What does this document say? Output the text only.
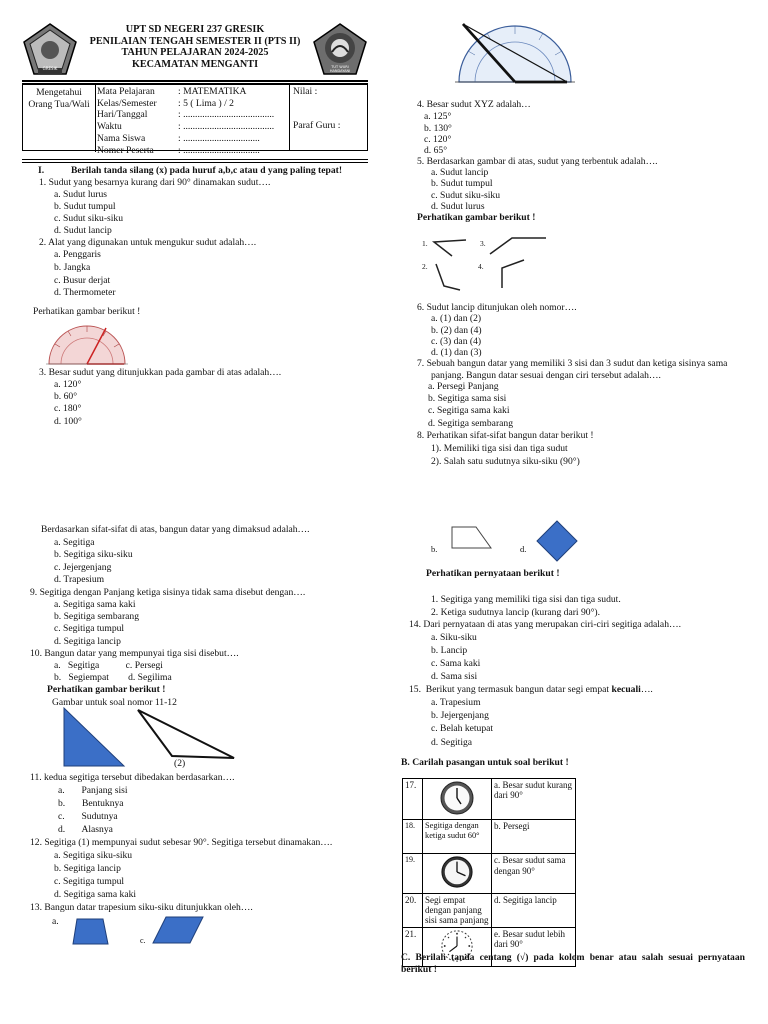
GRESIK	TUT WURI HANDAYANI
UPT SD NEGERI 237 GRESIK
PENILAIAN TENGAH SEMESTER II (PTS II)
TAHUN PELAJARAN 2024-2025
KECAMATAN MENGANTI
Mengetahui
Orang Tua/Wali
Mata Pelajaran : MATEMATIKA
Kelas/Semester : 5 ( Lima ) / 2
Hari/Tanggal	: ......................................
Waktu	: ......................................
Nama Siswa	: ................................
Nomer Peserta	: ................................
Nilai :
Paraf Guru :
I.	Berilah tanda silang (x) pada huruf a,b,c atau d yang paling tepat!
1. Sudut yang besarnya kurang dari 90° dinamakan sudut….
a. Sudut lurus
b. Sudut tumpul
c. Sudut siku-siku
d. Sudut lancip
2. Alat yang digunakan untuk mengukur sudut adalah….
a. Penggaris
b. Jangka
c. Busur derjat
d. Thermometer
Perhatikan gambar berikut !
3. Besar sudut yang ditunjukkan pada gambar di atas adalah….
a. 120°
b. 60°
c. 180°
d. 100°
4. Besar sudut XYZ adalah…
a. 125°
b. 130°
c. 120°
d. 65°
5. Berdasarkan gambar di atas, sudut yang terbentuk adalah….
a. Sudut lancip
b. Sudut tumpul
c. Sudut siku-siku
d. Sudut lurus
Perhatikan gambar berikut !
1.
2.
3.
4.
6. Sudut lancip ditunjukan oleh nomor….
a. (1) dan (2)
b. (2) dan (4)
c. (3) dan (4)
d. (1) dan (3)
7. Sebuah bangun datar yang memiliki 3 sisi dan 3 sudut dan ketiga sisinya sama
panjang. Bangun datar sesuai dengan ciri tersebut adalah….
a. Persegi Panjang
b. Segitiga sama sisi
c. Segitiga sama kaki
d. Segitiga sembarang
8. Perhatikan sifat-sifat bangun datar berikut !
1). Memiliki tiga sisi dan tiga sudut
2). Salah satu sudutnya siku-siku (90°)
Berdasarkan sifat-sifat di atas, bangun datar yang dimaksud adalah….
a. Segitiga
b. Segitiga siku-siku
c. Jejergenjang
d. Trapesium
9. Segitiga dengan Panjang ketiga sisinya tidak sama disebut dengan….
a. Segitiga sama kaki
b. Segitiga sembarang
c. Segitiga tumpul
d. Segitiga lancip
10. Bangun datar yang mempunyai tiga sisi disebut….
a.   Segitiga           c. Persegi
b.   Segiempat        d. Segilima
Perhatikan gambar berikut !
Gambar untuk soal nomor 11-12
(2)
11. kedua segitiga tersebut dibedakan berdasarkan….
a.       Panjang sisi
b.       Bentuknya
c.       Sudutnya
d.       Alasnya
12. Segitiga (1) mempunyai sudut sebesar 90°. Segitiga tersebut dinamakan….
a. Segitiga siku-siku
b. Segitiga lancip
c. Segitiga tumpul
d. Segitiga sama kaki
13. Bangun datar trapesium siku-siku ditunjukkan oleh….
a.
c.
b.	d.
Perhatikan pernyataan berikut !
1. Segitiga yang memiliki tiga sisi dan tiga sudut.
2. Ketiga sudutnya lancip (kurang dari 90°).
14. Dari pernyataan di atas yang merupakan ciri-ciri segitiga adalah….
a. Siku-siku
b. Lancip
c. Sama kaki
d. Sama sisi
15.  Berikut yang termasuk bangun datar segi empat kecuali….
a. Trapesium
b. Jejergenjang
c. Belah ketupat
d. Segitiga
B. Carilah pasangan untuk soal berikut !
17.		a. Besar sudut kurang dari 90°
18.	Segitiga dengan ketiga sudut 60°	b. Persegi
19.		c. Besar sudut sama dengan 90°
20.	Segi empat dengan panjang sisi sama panjang	d. Segitiga lancip
21.		e. Besar sudut lebih dari 90°
C. Berilah tanda centang (√) pada kolom benar atau salah sesuai pernyataan berikut !
